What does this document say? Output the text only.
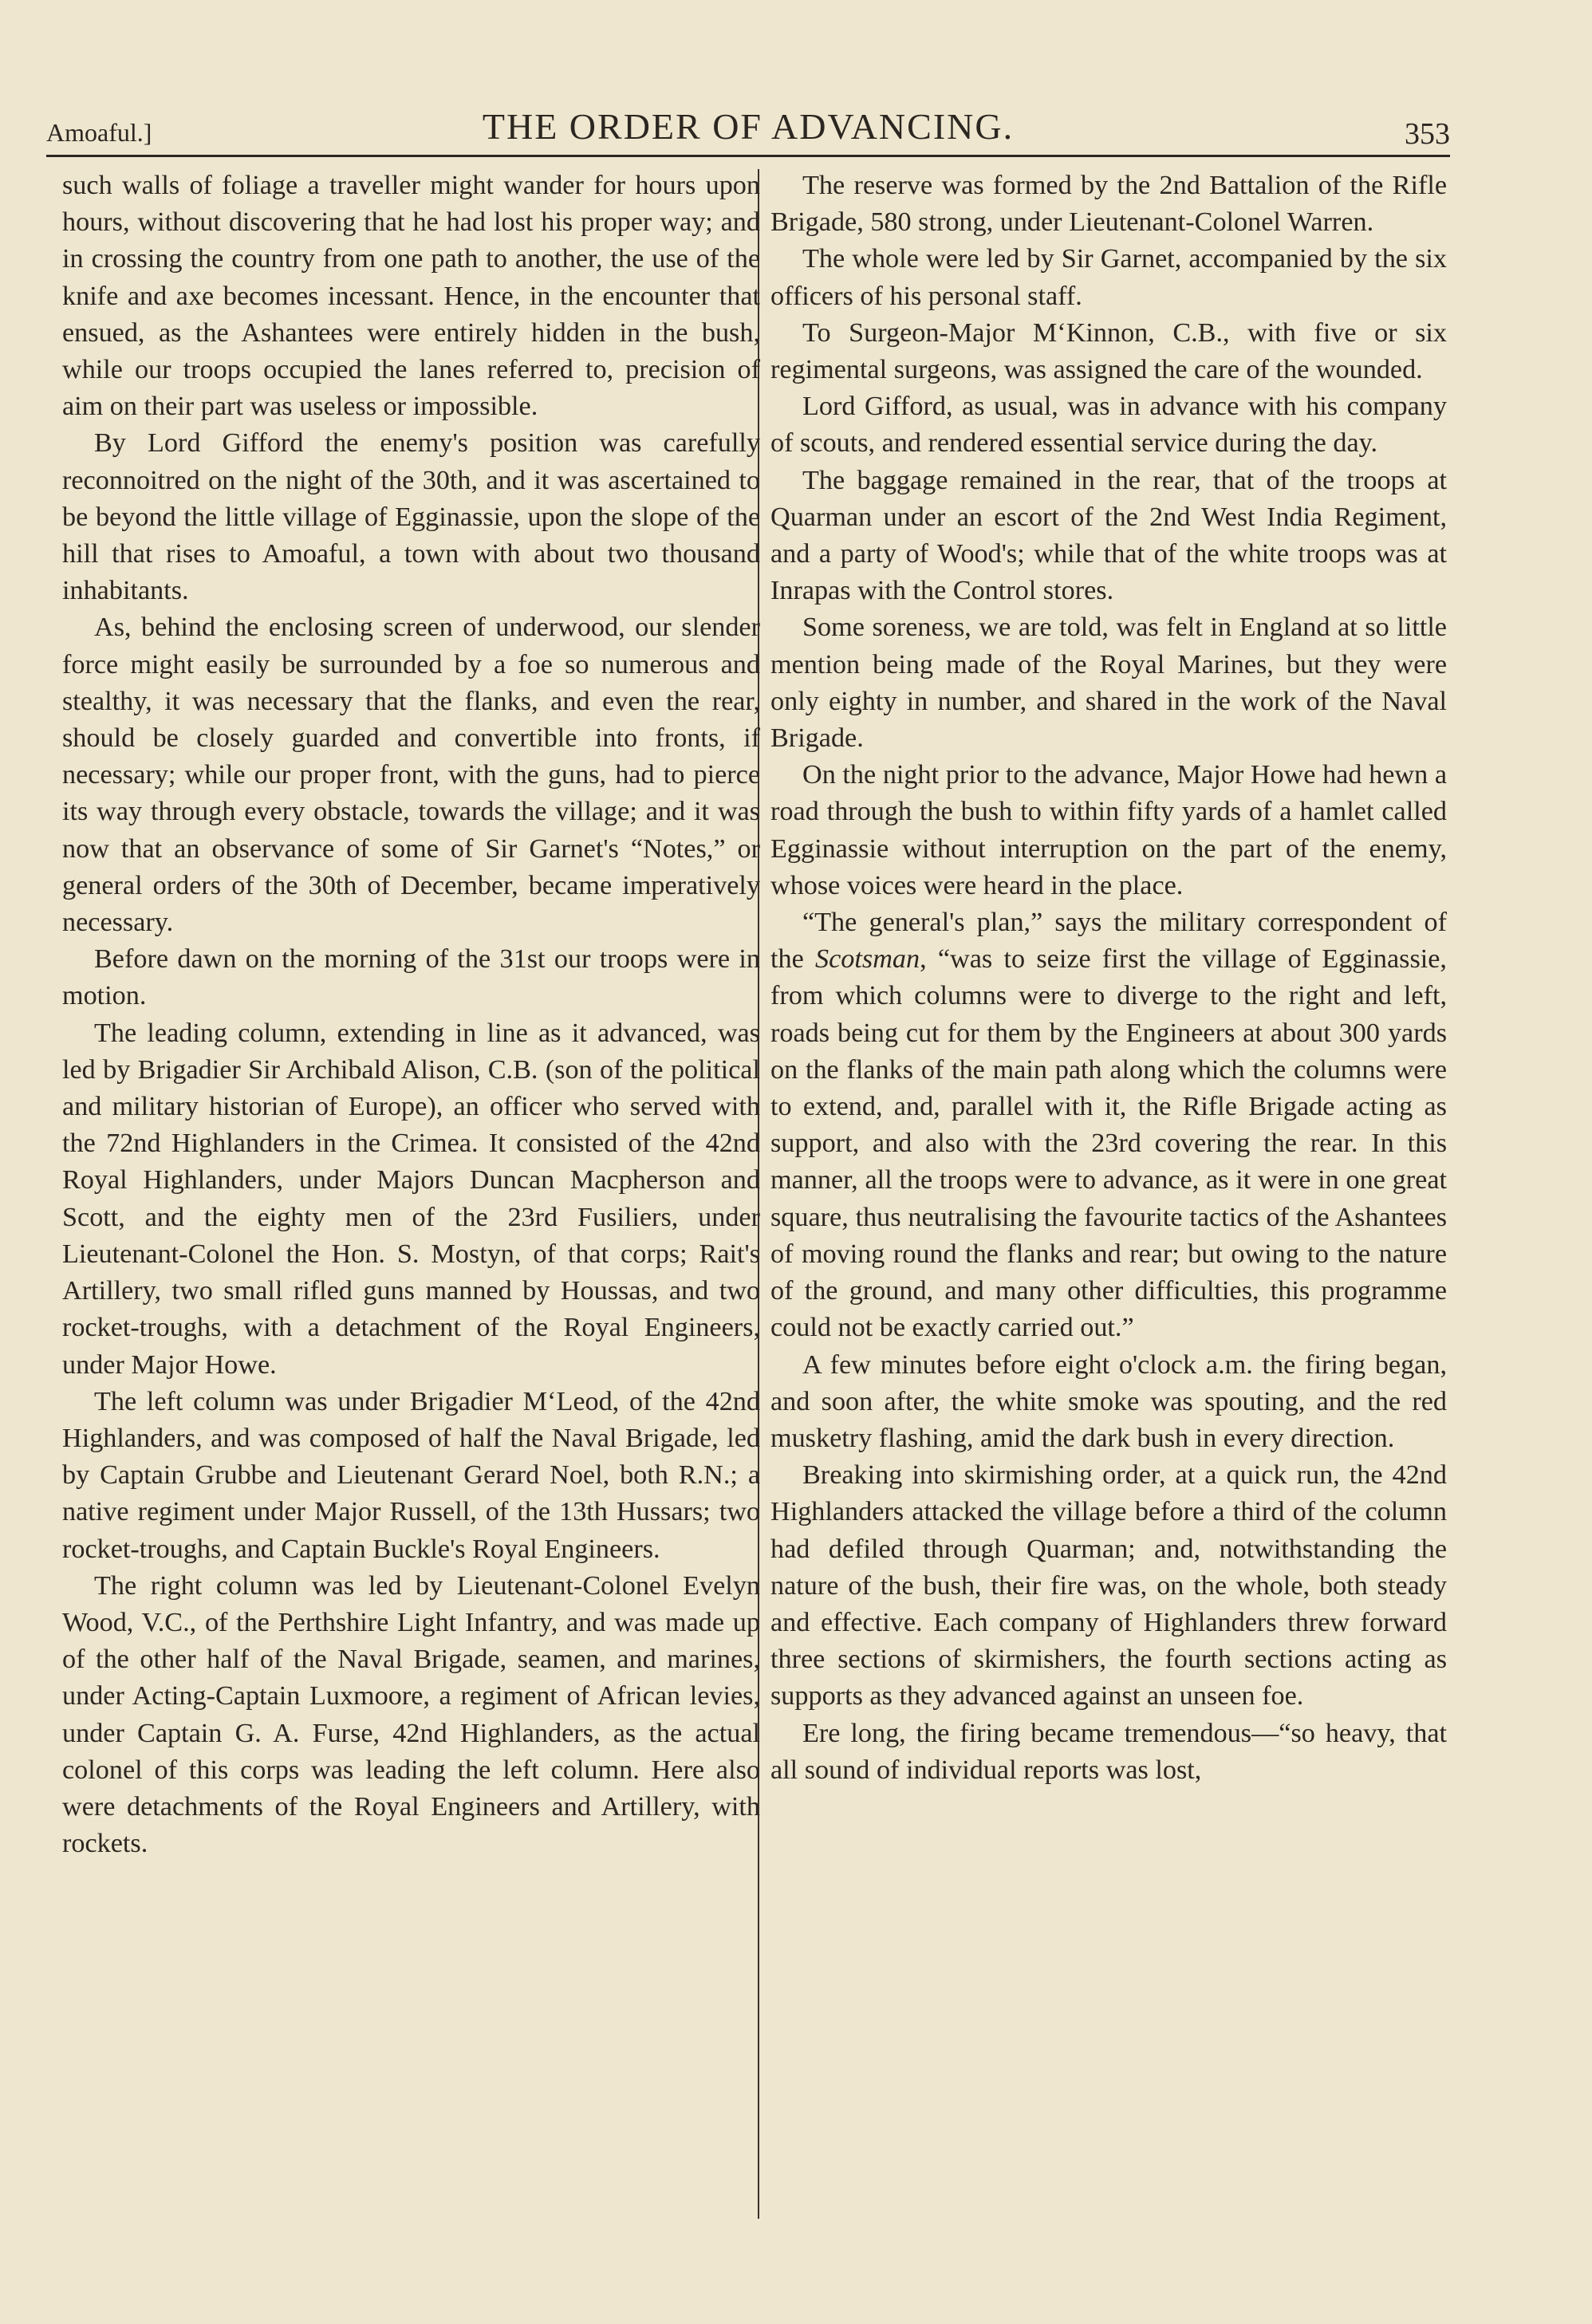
Amoaful.]	THE ORDER OF ADVANCING.	353

such walls of foliage a traveller might wander for hours upon hours, without discovering that he had lost his proper way; and in crossing the country from one path to another, the use of the knife and axe becomes incessant. Hence, in the encounter that ensued, as the Ashantees were entirely hidden in the bush, while our troops occupied the lanes referred to, precision of aim on their part was useless or impossible.

By Lord Gifford the enemy's position was carefully reconnoitred on the night of the 30th, and it was ascertained to be beyond the little village of Egginassie, upon the slope of the hill that rises to Amoaful, a town with about two thousand inhabitants.

As, behind the enclosing screen of underwood, our slender force might easily be surrounded by a foe so numerous and stealthy, it was necessary that the flanks, and even the rear, should be closely guarded and convertible into fronts, if necessary; while our proper front, with the guns, had to pierce its way through every obstacle, towards the village; and it was now that an observance of some of Sir Garnet's “Notes,” or general orders of the 30th of December, became imperatively necessary.

Before dawn on the morning of the 31st our troops were in motion.

The leading column, extending in line as it advanced, was led by Brigadier Sir Archibald Alison, C.B. (son of the political and military historian of Europe), an officer who served with the 72nd Highlanders in the Crimea. It consisted of the 42nd Royal Highlanders, under Majors Duncan Macpherson and Scott, and the eighty men of the 23rd Fusiliers, under Lieutenant-Colonel the Hon. S. Mostyn, of that corps; Rait's Artillery, two small rifled guns manned by Houssas, and two rocket-troughs, with a detachment of the Royal Engineers, under Major Howe.

The left column was under Brigadier M‘Leod, of the 42nd Highlanders, and was composed of half the Naval Brigade, led by Captain Grubbe and Lieutenant Gerard Noel, both R.N.; a native regiment under Major Russell, of the 13th Hussars; two rocket-troughs, and Captain Buckle's Royal Engineers.

The right column was led by Lieutenant-Colonel Evelyn Wood, V.C., of the Perthshire Light Infantry, and was made up of the other half of the Naval Brigade, seamen, and marines, under Acting-Captain Luxmoore, a regiment of African levies, under Captain G. A. Furse, 42nd Highlanders, as the actual colonel of this corps was leading the left column. Here also were detachments of the Royal Engineers and Artillery, with rockets.

The reserve was formed by the 2nd Battalion of the Rifle Brigade, 580 strong, under Lieutenant-Colonel Warren.

The whole were led by Sir Garnet, accompanied by the six officers of his personal staff.

To Surgeon-Major M‘Kinnon, C.B., with five or six regimental surgeons, was assigned the care of the wounded.

Lord Gifford, as usual, was in advance with his company of scouts, and rendered essential service during the day.

The baggage remained in the rear, that of the troops at Quarman under an escort of the 2nd West India Regiment, and a party of Wood's; while that of the white troops was at Inrapas with the Control stores.

Some soreness, we are told, was felt in England at so little mention being made of the Royal Marines, but they were only eighty in number, and shared in the work of the Naval Brigade.

On the night prior to the advance, Major Howe had hewn a road through the bush to within fifty yards of a hamlet called Egginassie without interruption on the part of the enemy, whose voices were heard in the place.

“The general's plan,” says the military correspondent of the Scotsman, “was to seize first the village of Egginassie, from which columns were to diverge to the right and left, roads being cut for them by the Engineers at about 300 yards on the flanks of the main path along which the columns were to extend, and, parallel with it, the Rifle Brigade acting as support, and also with the 23rd covering the rear. In this manner, all the troops were to advance, as it were in one great square, thus neutralising the favourite tactics of the Ashantees of moving round the flanks and rear; but owing to the nature of the ground, and many other difficulties, this programme could not be exactly carried out.”

A few minutes before eight o'clock a.m. the firing began, and soon after, the white smoke was spouting, and the red musketry flashing, amid the dark bush in every direction.

Breaking into skirmishing order, at a quick run, the 42nd Highlanders attacked the village before a third of the column had defiled through Quarman; and, notwithstanding the nature of the bush, their fire was, on the whole, both steady and effective. Each company of Highlanders threw forward three sections of skirmishers, the fourth sections acting as supports as they advanced against an unseen foe.

Ere long, the firing became tremendous—“so heavy, that all sound of individual reports was lost,
